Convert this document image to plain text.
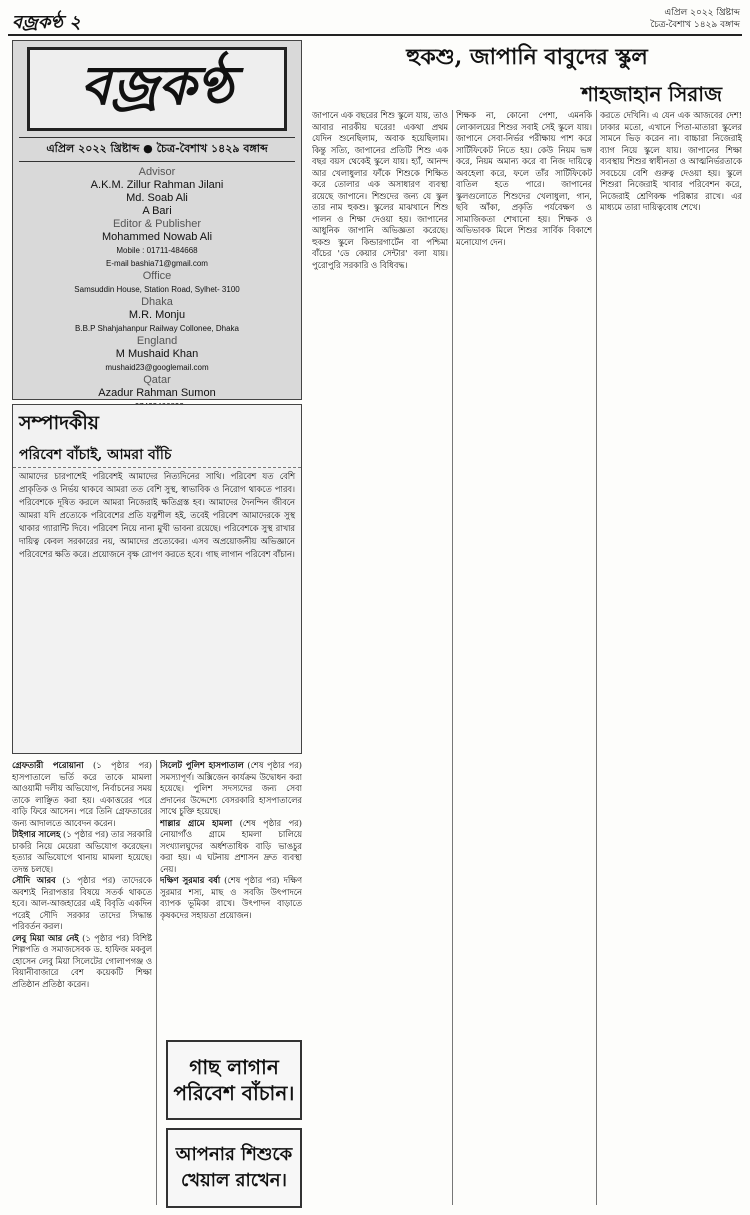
বজ্রকণ্ঠ ২	এপ্রিল ২০২২ খ্রিষ্টাব্দ
চৈত্র-বৈশাখ ১৪২৯ বঙ্গাব্দ
বজ্রকণ্ঠ
এপ্রিল ২০২২ খ্রিষ্টাব্দ ● চৈত্র-বৈশাখ ১৪২৯ বঙ্গাব্দ
Advisor
A.K.M. Zillur Rahman Jilani
Md. Soab Ali
A Bari
Editor & Publisher
Mohammed Nowab Ali
Mobile : 01711-484668
E-mail bashia71@gmail.com
Office
Samsuddin House, Station Road, Sylhet- 3100
Dhaka
M.R. Monju
B.B.P Shahjahanpur Railway Collonee, Dhaka
England
M Mushaid Khan
mushaid23@googlemail.com
Qatar
Azadur Rahman Sumon
সম্পাদকীয়
পরিবেশ বাঁচাই, আমরা বাঁচি
আমাদের চারপাশেই পরিবেশই আমাদের নিত্যদিনের সাথি। পরিবেশ যত বেশি প্রাকৃতিক ও নির্ভয় থাকবে আমরা তত বেশি সুস্থ, স্বাভাবিক ও নিরোগ থাকতে পারব। পরিবেশকে দূষিত করলে আমরা নিজেরাই ক্ষতিগ্রস্ত হব। আমাদের দৈনন্দিন জীবনে আমরা যদি প্রত্যেকে পরিবেশের প্রতি যত্নশীল হই, তবেই পরিবেশ আমাদেরকে সুস্থ থাকার গ্যারান্টি দিবে। পরিবেশ নিয়ে নানা মুখী ভাবনা রয়েছে। পরিবেশকে সুস্থ রাখার দায়িত্ব কেবল সরকারের নয়, আমাদের প্রত্যেকের। এসব অপ্রয়োজনীয় অভিজ্ঞানে পরিবেশের ক্ষতি করে। প্রয়োজনে বৃক্ষ রোপণ করতে হবে। গাছ লাগান পরিবেশ বাঁচান।
হুকশু, জাপানি বাবুদের স্কুল
শাহজাহান সিরাজ
জাপানে এক বছরের শিশু স্কুলে যায়, তাও আবার নারকীয় ঘরের! একথা প্রথম যেদিন শুনেছিলাম, অবাক হয়েছিলাম। কিন্তু সত্যি, জাপানের প্রতিটি শিশু এক বছর বয়স থেকেই স্কুলে যায়। হ্যাঁ, আনন্দ আর খেলাধুলার ফাঁকে শিশুকে শিক্ষিত করে তোলার এক অসাধারণ ব্যবস্থা রয়েছে জাপানে। শিশুদের জন্য যে স্কুল তার নাম হুকশু। স্কুলের মাঝখানে শিশু পালন ও শিক্ষা দেওয়া হয়। জাপানের আধুনিক জাপানি অভিজ্ঞতা করেছে। হুকশু স্কুলে কিন্ডারগার্টেন বা পশ্চিমা বাঁচের 'ডে কেয়ার সেন্টার' বলা যায়। পুরোপুরি সরকারি ও বিধিবদ্ধ।
শিক্ষক না, কোনো পেশা, এমনকি লোকালয়ের শিশুর সবাই সেই স্কুলে যায়। জাপানে সেবা-নির্ভর পরীক্ষায় পাশ করে সার্টিফিকেট নিতে হয়। কেউ নিয়ম ভঙ্গ করে, নিয়ম অমান্য করে বা নিজ দায়িত্বে অবহেলা করে, ফলে তাঁর সার্টিফিকেট বাতিল হতে পারে। জাপানের স্কুলগুলোতে শিশুদের খেলাধুলা, গান, ছবি আঁকা, প্রকৃতি পর্যবেক্ষণ ও সামাজিকতা শেখানো হয়। শিক্ষক ও অভিভাবক মিলে শিশুর সার্বিক বিকাশে মনোযোগ দেন।
করতে দেখিনি। এ যেন এক আজবের দেশ! ঢাকার মতো, এখানে পিতা-মাতারা স্কুলের সামনে ভিড় করেন না। বাচ্চারা নিজেরাই ব্যাগ নিয়ে স্কুলে যায়। জাপানের শিক্ষা ব্যবস্থায় শিশুর স্বাধীনতা ও আত্মনির্ভরতাকে সবচেয়ে বেশি গুরুত্ব দেওয়া হয়। স্কুলে শিশুরা নিজেরাই খাবার পরিবেশন করে, নিজেরাই শ্রেণিকক্ষ পরিষ্কার রাখে। এর মাধ্যমে তারা দায়িত্ববোধ শেখে।
গ্রেফতারী পরোয়ানা (১ পৃষ্ঠার পর) হাসপাতালে ভর্তি করে তাকে মামলা আওয়ামী দলীয় অভিযোগ, নির্বাচনের সময় তাকে লাঞ্ছিত করা হয়। একাত্তরের পরে বাড়ি ফিরে আসেন। পরে তিনি গ্রেফতারের জন্য আদালতে আবেদন করেন।
টাইগার সালেহ (১ পৃষ্ঠার পর) তার সরকারি চাকরি নিয়ে মেয়েরা অভিযোগ করেছেন। হত্যার অভিযোগে থানায় মামলা হয়েছে। তদন্ত চলছে।
সৌদি আরব (১ পৃষ্ঠার পর) তাদেরকে অবশ্যই নিরাপত্তার বিষয়ে সতর্ক থাকতে হবে। আল-আজহারের এই বিবৃতি একদিন পরেই সৌদি সরকার তাদের সিদ্ধান্ত পরিবর্তন করল।
লেবু মিয়া আর নেই (১ পৃষ্ঠার পর) বিশিষ্ট শিল্পপতি ও সমাজসেবক ড. হাফিজ মকবুল হোসেন লেবু মিয়া সিলেটের গোলাপগঞ্জ ও বিয়ানীবাজারে বেশ কয়েকটি শিক্ষা প্রতিষ্ঠান প্রতিষ্ঠা করেন।
সিলেট পুলিশ হাসপাতাল (শেষ পৃষ্ঠার পর) সমস্যাপূর্ণ। অক্সিজেন কার্যক্রম উদ্বোধন করা হয়েছে। পুলিশ সদস্যদের জন্য সেবা প্রদানের উদ্দেশ্যে বেসরকারি হাসপাতালের সাথে চুক্তি হয়েছে।
শাল্লার গ্রামে হামলা (শেষ পৃষ্ঠার পর) নোয়াগাঁও গ্রামে হামলা চালিয়ে সংখ্যালঘুদের অর্ধশতাধিক বাড়ি ভাঙচুর করা হয়। এ ঘটনায় প্রশাসন দ্রুত ব্যবস্থা নেয়।
দক্ষিণ সুরমার বর্ষা (শেষ পৃষ্ঠার পর) দক্ষিণ সুরমার শস্য, মাছ ও সবজি উৎপাদনে ব্যাপক ভূমিকা রাখে। উৎপাদন বাড়াতে কৃষকদের সহায়তা প্রয়োজন।
গাছ লাগান
পরিবেশ বাঁচান।
আপনার শিশুকে
খেয়াল রাখেন।
